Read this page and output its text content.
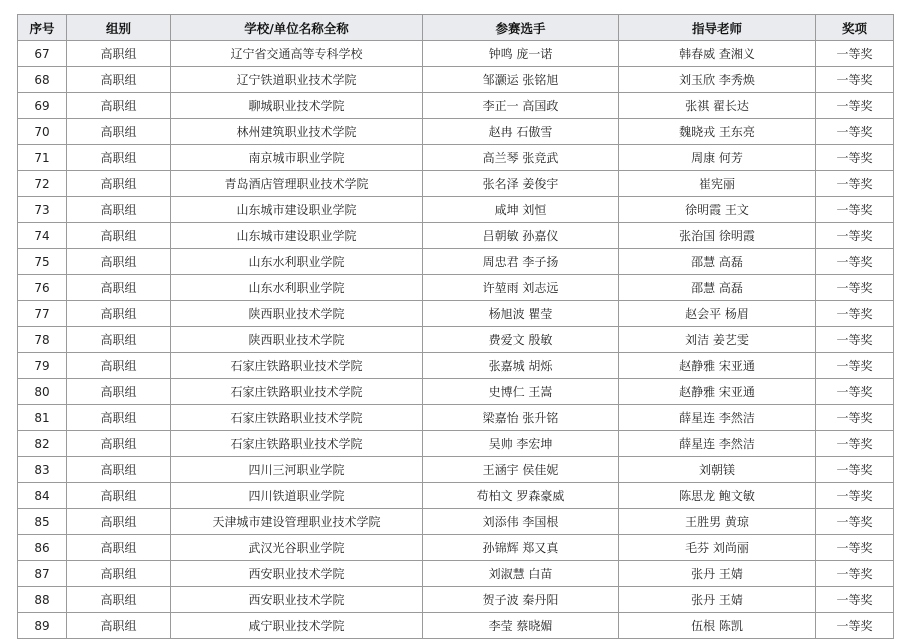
序号	组别	学校/单位名称全称	参赛选手	指导老师	奖项
67	高职组	辽宁省交通高等专科学校	钟鸣 庞一诺	韩春威 查湘义	一等奖
68	高职组	辽宁铁道职业技术学院	邹灏运 张铭旭	刘玉欣 李秀焕	一等奖
69	高职组	聊城职业技术学院	李正一 高国政	张祺 翟长达	一等奖
70	高职组	林州建筑职业技术学院	赵冉 石傲雪	魏晓戎 王东亮	一等奖
71	高职组	南京城市职业学院	高兰琴 张竞武	周康 何芳	一等奖
72	高职组	青岛酒店管理职业技术学院	张名泽 姜俊宇	崔宪丽	一等奖
73	高职组	山东城市建设职业学院	咸坤 刘恒	徐明霞 王文	一等奖
74	高职组	山东城市建设职业学院	吕朝敏 孙嘉仪	张治国 徐明霞	一等奖
75	高职组	山东水利职业学院	周忠君 李子扬	邵慧 高磊	一等奖
76	高职组	山东水利职业学院	许堃雨 刘志远	邵慧 高磊	一等奖
77	高职组	陕西职业技术学院	杨旭波 瞿莹	赵会平 杨眉	一等奖
78	高职组	陕西职业技术学院	费爱文 殷敏	刘洁 姜艺雯	一等奖
79	高职组	石家庄铁路职业技术学院	张嘉城 胡烁	赵静雅 宋亚通	一等奖
80	高职组	石家庄铁路职业技术学院	史博仁 王嵩	赵静雅 宋亚通	一等奖
81	高职组	石家庄铁路职业技术学院	梁嘉怡 张升铭	薛星连 李然洁	一等奖
82	高职组	石家庄铁路职业技术学院	吴帅 李宏坤	薛星连 李然洁	一等奖
83	高职组	四川三河职业学院	王涵宇 侯佳妮	刘朝镁	一等奖
84	高职组	四川铁道职业学院	苟柏文 罗森豪威	陈思龙 鲍文敏	一等奖
85	高职组	天津城市建设管理职业技术学院	刘添伟 李国根	王胜男 黄琼	一等奖
86	高职组	武汉光谷职业学院	孙锦辉 郑又真	毛芬 刘尚丽	一等奖
87	高职组	西安职业技术学院	刘淑慧 白苗	张丹 王婧	一等奖
88	高职组	西安职业技术学院	贺子波 秦丹阳	张丹 王婧	一等奖
89	高职组	咸宁职业技术学院	李莹 蔡晓媚	伍根 陈凯	一等奖
